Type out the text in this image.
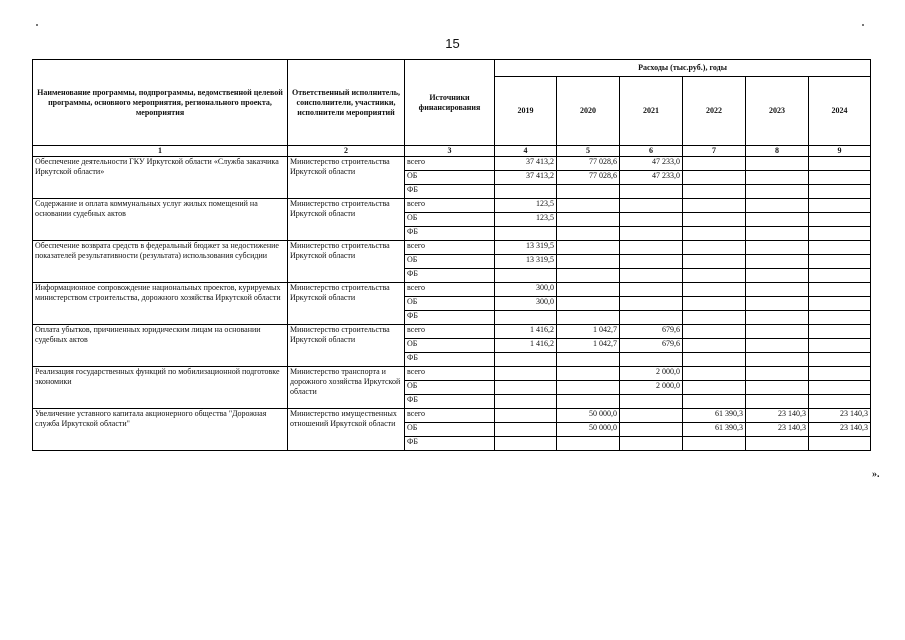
15
Наименование программы, подпрограммы, ведомственной целевой программы, основного мероприятия, регионального проекта, мероприятия	Ответственный исполнитель, соисполнители, участники, исполнители мероприятий	Источники финансирования	Расходы (тыс.руб.), годы					
			2019	2020	2021	2022	2023	2024
1	2	3	4	5	6	7	8	9
Обеспечение деятельности ГКУ Иркутской области «Служба заказчика Иркутской области»	Министерство строительства Иркутской области	всего	37 413,2	77 028,6	47 233,0			
		ОБ	37 413,2	77 028,6	47 233,0			
		ФБ						
Содержание и оплата коммунальных услуг жилых помещений на основании судебных актов	Министерство строительства Иркутской области	всего	123,5					
		ОБ	123,5					
		ФБ						
Обеспечение возврата средств в федеральный бюджет за недостижение показателей результативности (результата) использования субсидии	Министерство строительства Иркутской области	всего	13 319,5					
		ОБ	13 319,5					
		ФБ						
Информационное сопровождение национальных проектов, курируемых министерством строительства, дорожного хозяйства Иркутской области	Министерство строительства Иркутской области	всего	300,0					
		ОБ	300,0					
		ФБ						
Оплата убытков, причиненных юридическим лицам на основании судебных актов	Министерство строительства Иркутской области	всего	1 416,2	1 042,7	679,6			
		ОБ	1 416,2	1 042,7	679,6			
		ФБ						
Реализация государственных функций по мобилизационной подготовке экономики	Министерство транспорта и дорожного хозяйства Иркутской области	всего			2 000,0			
		ОБ			2 000,0			
		ФБ						
Увеличение уставного капитала акционерного общества "Дорожная служба Иркутской области"	Министерство имущественных отношений Иркутской области	всего		50 000,0		61 390,3	23 140,3	23 140,3
		ОБ		50 000,0		61 390,3	23 140,3	23 140,3
		ФБ						
».
